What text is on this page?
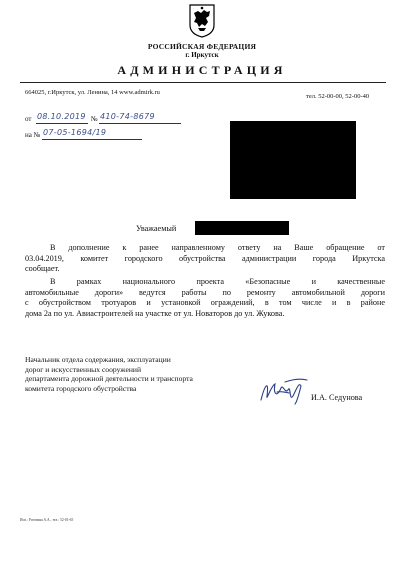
РОССИЙСКАЯ ФЕДЕРАЦИЯ
г. Иркутск
АДМИНИСТРАЦИЯ
664025, г.Иркутск, ул. Ленина, 14 www.admirk.ru
тел. 52-00-00, 52-00-40
от 08.10.2019 № 410-74-8679
на № 07-05-1694/19
Уважаемый
В дополнение к ранее направленному ответу на Ваше обращение от
03.04.2019, комитет городского обустройства администрации города Иркутска
сообщает.
В рамках национального проекта «Безопасные и качественные
автомобильные дороги» ведутся работы по ремонту автомобильной дороги
с обустройством тротуаров и установкой ограждений, в том числе и в районе
дома 2а по ул. Авиастроителей на участке от ул. Новаторов до ул. Жукова.
Начальник отдела содержания, эксплуатации
дорог и искусственных сооружений
департамента дорожной деятельности и транспорта
комитета городского обустройства
И.А. Седунова
Исп.: Рогозина А.А., тел.: 52-01-65
